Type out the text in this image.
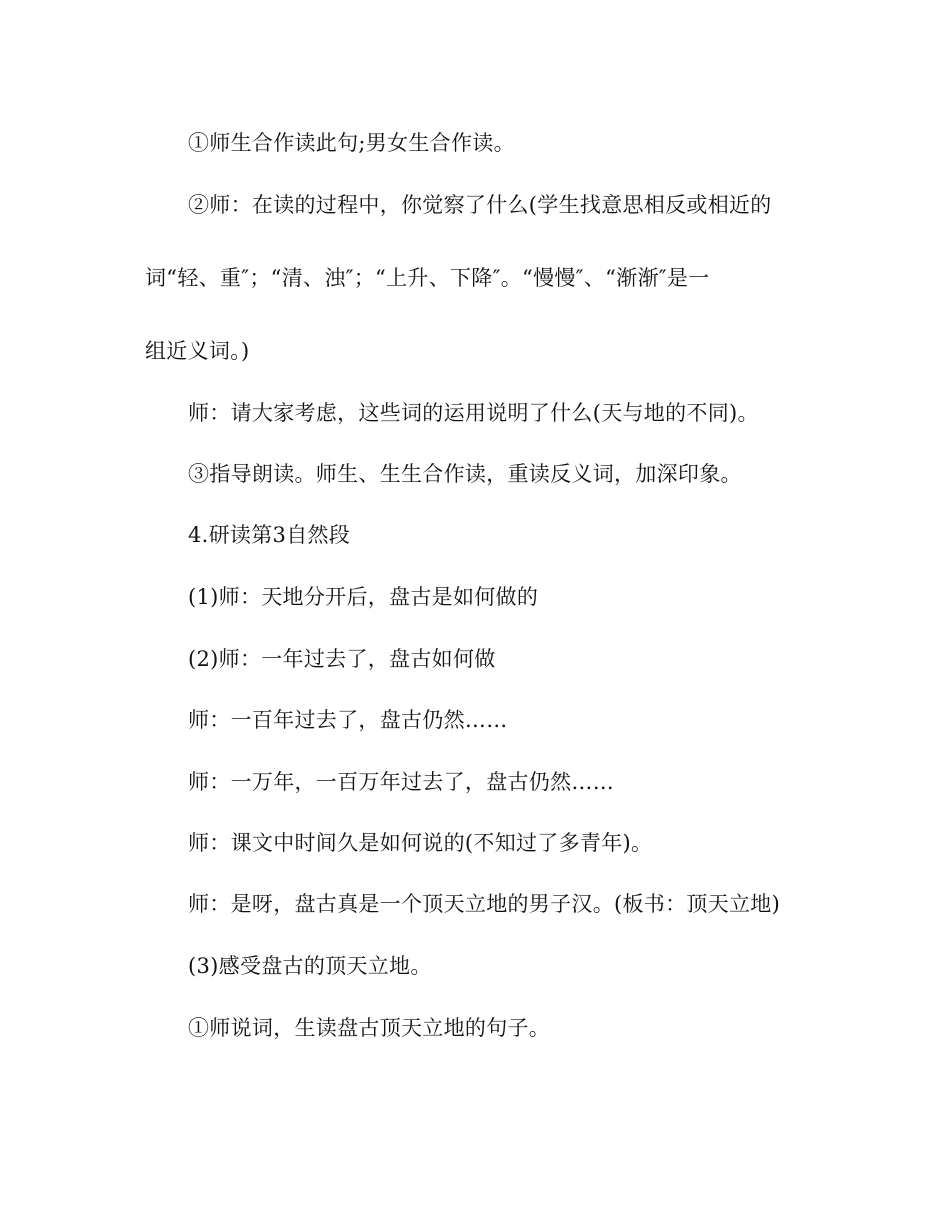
①师生合作读此句;男女生合作读。
②师：在读的过程中，你觉察了什么(学生找意思相反或相近的
词“轻、重″；“清、浊″；“上升、下降″。“慢慢″、“渐渐″是一
组近义词。)
师：请大家考虑，这些词的运用说明了什么(天与地的不同)。
③指导朗读。师生、生生合作读，重读反义词，加深印象。
4.研读第3自然段
(1)师：天地分开后，盘古是如何做的
(2)师：一年过去了，盘古如何做
师：一百年过去了，盘古仍然……
师：一万年，一百万年过去了，盘古仍然……
师：课文中时间久是如何说的(不知过了多青年)。
师：是呀，盘古真是一个顶天立地的男子汉。(板书：顶天立地)
(3)感受盘古的顶天立地。
①师说词，生读盘古顶天立地的句子。
